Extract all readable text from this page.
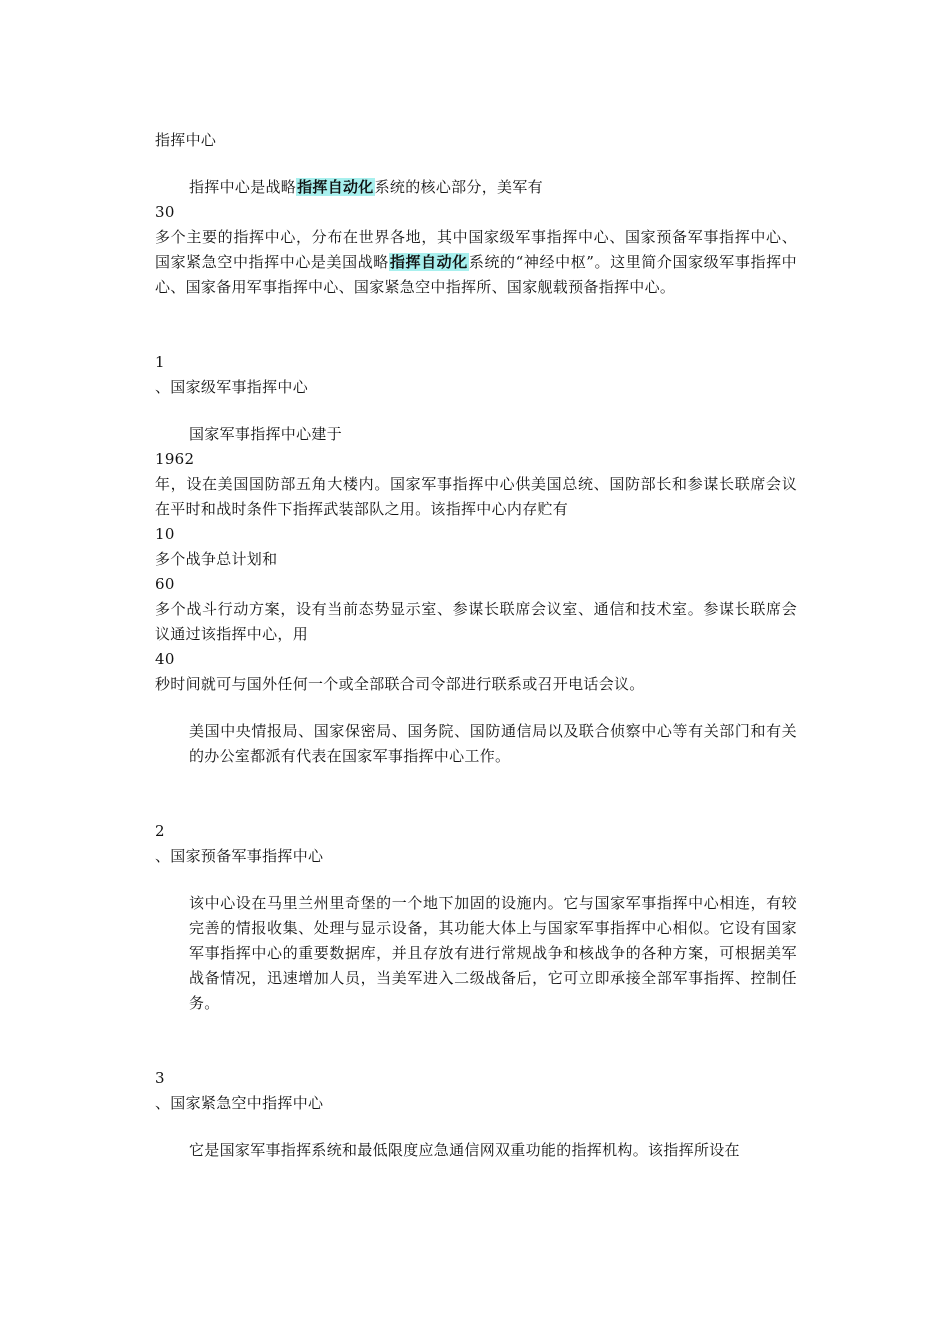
指挥中心
指挥中心是战略指挥自动化系统的核心部分，美军有
30
多个主要的指挥中心，分布在世界各地，其中国家级军事指挥中心、国家预备军事指挥中心、国家紧急空中指挥中心是美国战略指挥自动化系统的“神经中枢”。这里简介国家级军事指挥中心、国家备用军事指挥中心、国家紧急空中指挥所、国家舰载预备指挥中心。
1
、国家级军事指挥中心
国家军事指挥中心建于
1962
年，设在美国国防部五角大楼内。国家军事指挥中心供美国总统、国防部长和参谋长联席会议在平时和战时条件下指挥武装部队之用。该指挥中心内存贮有
10
多个战争总计划和
60
多个战斗行动方案，设有当前态势显示室、参谋长联席会议室、通信和技术室。参谋长联席会议通过该指挥中心，用
40
秒时间就可与国外任何一个或全部联合司令部进行联系或召开电话会议。
美国中央情报局、国家保密局、国务院、国防通信局以及联合侦察中心等有关部门和有关的办公室都派有代表在国家军事指挥中心工作。
2
、国家预备军事指挥中心
该中心设在马里兰州里奇堡的一个地下加固的设施内。它与国家军事指挥中心相连，有较完善的情报收集、处理与显示设备，其功能大体上与国家军事指挥中心相似。它设有国家军事指挥中心的重要数据库，并且存放有进行常规战争和核战争的各种方案，可根据美军战备情况，迅速增加人员，当美军进入二级战备后，它可立即承接全部军事指挥、控制任务。
3
、国家紧急空中指挥中心
它是国家军事指挥系统和最低限度应急通信网双重功能的指挥机构。该指挥所设在
